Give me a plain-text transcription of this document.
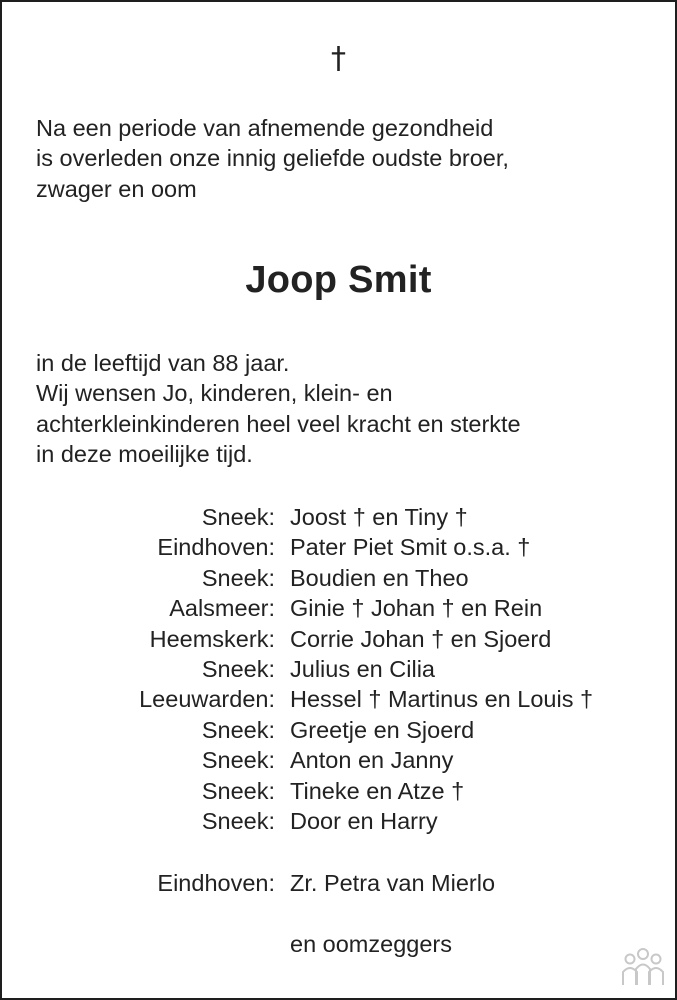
†
Na een periode van afnemende gezondheid
is overleden onze innig geliefde oudste broer,
zwager en oom
Joop Smit
in de leeftijd van 88 jaar.
Wij wensen Jo, kinderen, klein- en
achterkleinkinderen heel veel kracht en sterkte
in deze moeilijke tijd.
Sneek: Joost † en Tiny †
Eindhoven: Pater Piet Smit o.s.a. †
Sneek: Boudien en Theo
Aalsmeer: Ginie † Johan † en Rein
Heemskerk: Corrie Johan † en Sjoerd
Sneek: Julius en Cilia
Leeuwarden: Hessel † Martinus en Louis †
Sneek: Greetje en Sjoerd
Sneek: Anton en Janny
Sneek: Tineke en Atze †
Sneek: Door en Harry
Eindhoven: Zr. Petra van Mierlo
en oomzeggers
